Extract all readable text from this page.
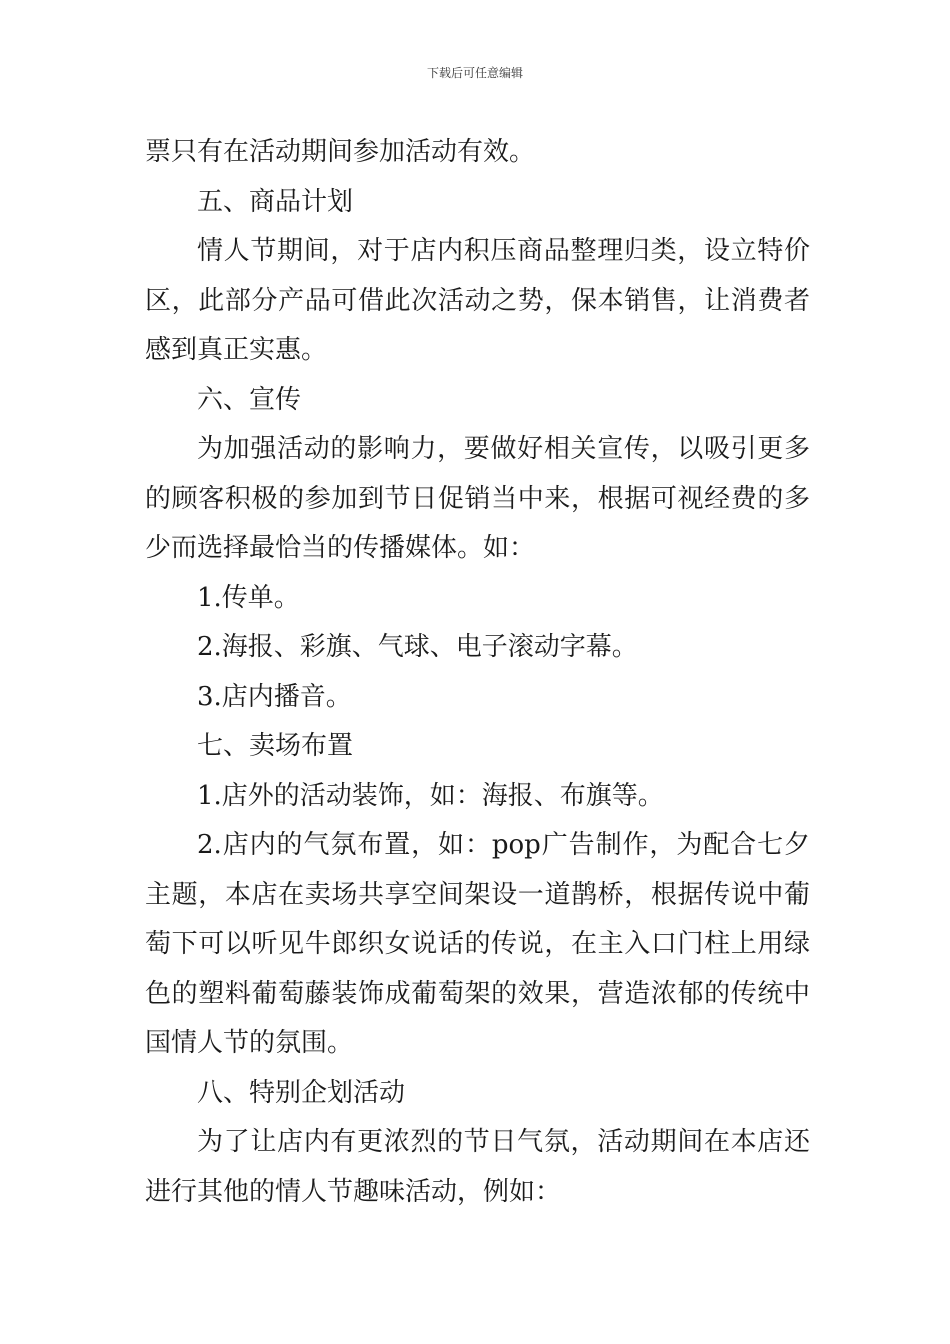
下载后可任意编辑

票只有在活动期间参加活动有效。

五、商品计划

情人节期间，对于店内积压商品整理归类，设立特价区，此部分产品可借此次活动之势，保本销售，让消费者感到真正实惠。

六、宣传

为加强活动的影响力，要做好相关宣传，以吸引更多的顾客积极的参加到节日促销当中来，根据可视经费的多少而选择最恰当的传播媒体。如：

1.传单。

2.海报、彩旗、气球、电子滚动字幕。

3.店内播音。

七、卖场布置

1.店外的活动装饰，如：海报、布旗等。

2.店内的气氛布置，如：pop广告制作，为配合七夕主题，本店在卖场共享空间架设一道鹊桥，根据传说中葡萄下可以听见牛郎织女说话的传说，在主入口门柱上用绿色的塑料葡萄藤装饰成葡萄架的效果，营造浓郁的传统中国情人节的氛围。

八、特别企划活动

为了让店内有更浓烈的节日气氛，活动期间在本店还进行其他的情人节趣味活动，例如：
